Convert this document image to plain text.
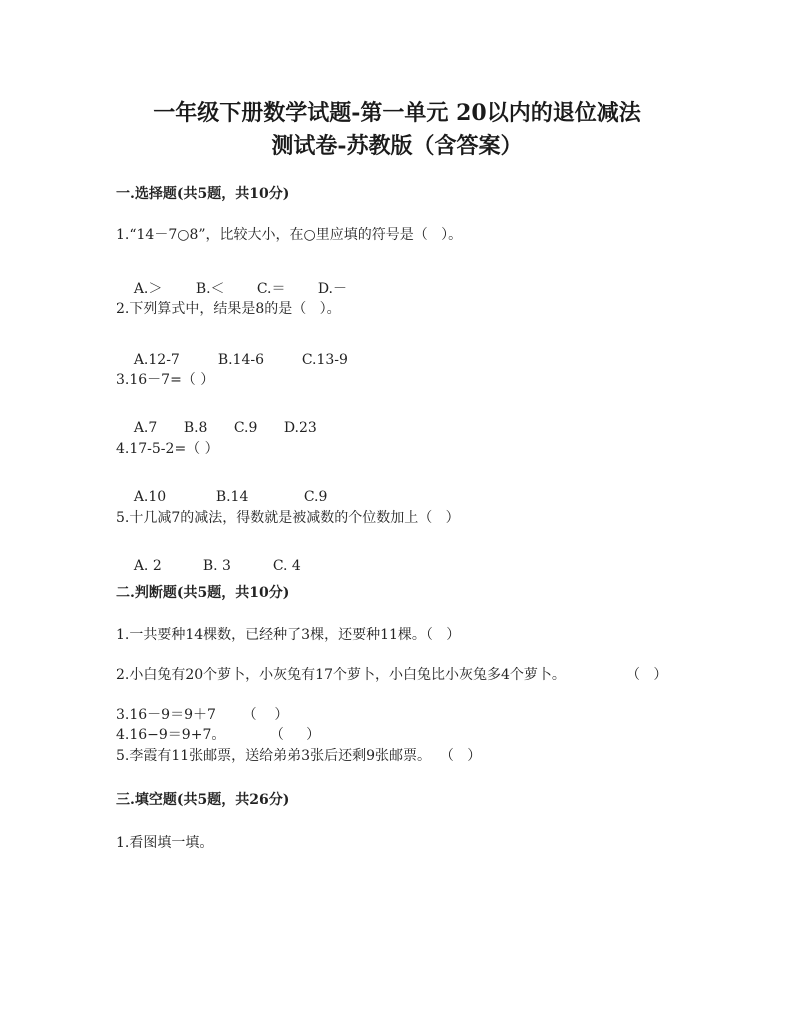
一年级下册数学试题-第一单元 20以内的退位减法
测试卷-苏教版（含答案）
一.选择题(共5题，共10分)
1.“14－7○8”，比较大小，在○里应填的符号是（   ）。

A.＞ B.＜ C.＝ D.－

2.下列算式中，结果是8的是（   ）。

A.12-7	B.14-6	C.13-9

3.16－7=（ ）

A.7 B.8 C.9 D.23

4.17-5-2=（ ）

A.10	B.14	C.9

5.十几减7的减法，得数就是被减数的个位数加上（   ）

A. 2	B. 3	C. 4

二.判断题(共5题，共10分)
1.一共要种14棵数，已经种了3棵，还要种11棵。（   ）
2.小白兔有20个萝卜，小灰兔有17个萝卜，小白兔比小灰兔多4个萝卜。	（   ）
3.16－9＝9＋7      （    ）
4.16−9＝9+7。          （     ）
5.李霞有11张邮票，送给弟弟3张后还剩9张邮票。  （   ）
三.填空题(共5题，共26分)
1.看图填一填。
